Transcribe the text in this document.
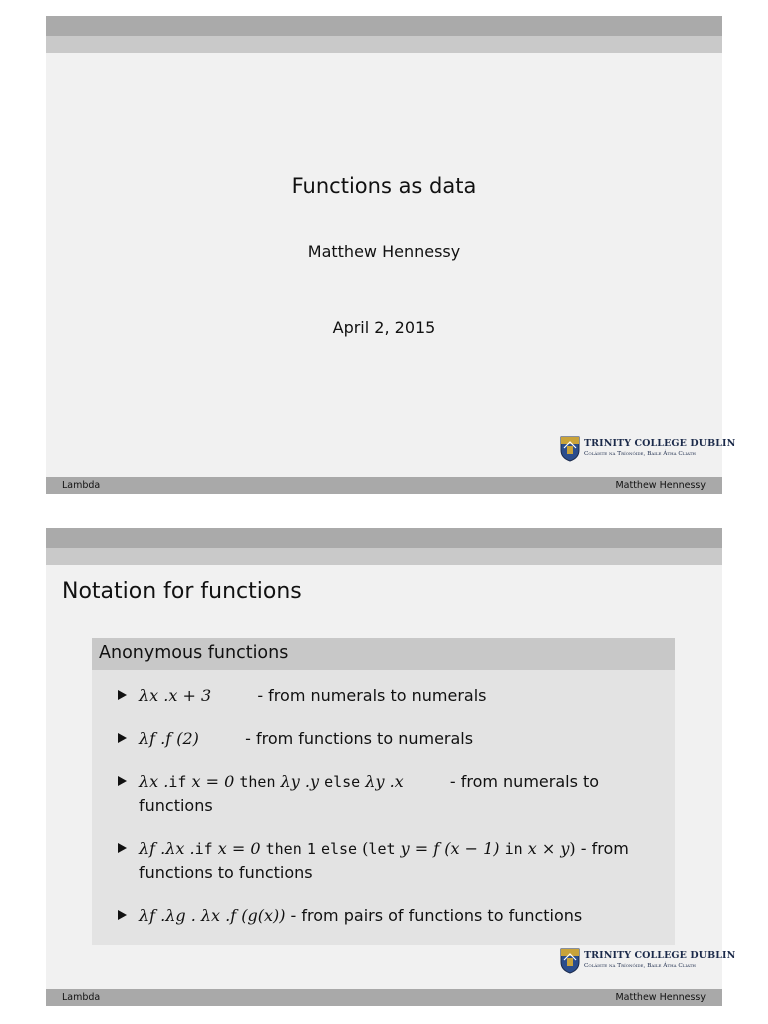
Functions as data
Matthew Hennessy
April 2, 2015
TRINITY COLLEGE DUBLIN
Coláiste na Tríonóide, Baile Átha Cliath
Lambda	Matthew Hennessy
Notation for functions
Anonymous functions
λx .x + 3	- from numerals to numerals
λf .f (2)	- from functions to numerals
λx .if x = 0 then λy .y else λy .x	- from numerals to functions
λf .λx .if x = 0 then 1 else (let y = f (x − 1) in x × y) - from functions to functions
λf .λg . λx .f (g(x)) - from pairs of functions to functions
TRINITY COLLEGE DUBLIN
Coláiste na Tríonóide, Baile Átha Cliath
Lambda	Matthew Hennessy
